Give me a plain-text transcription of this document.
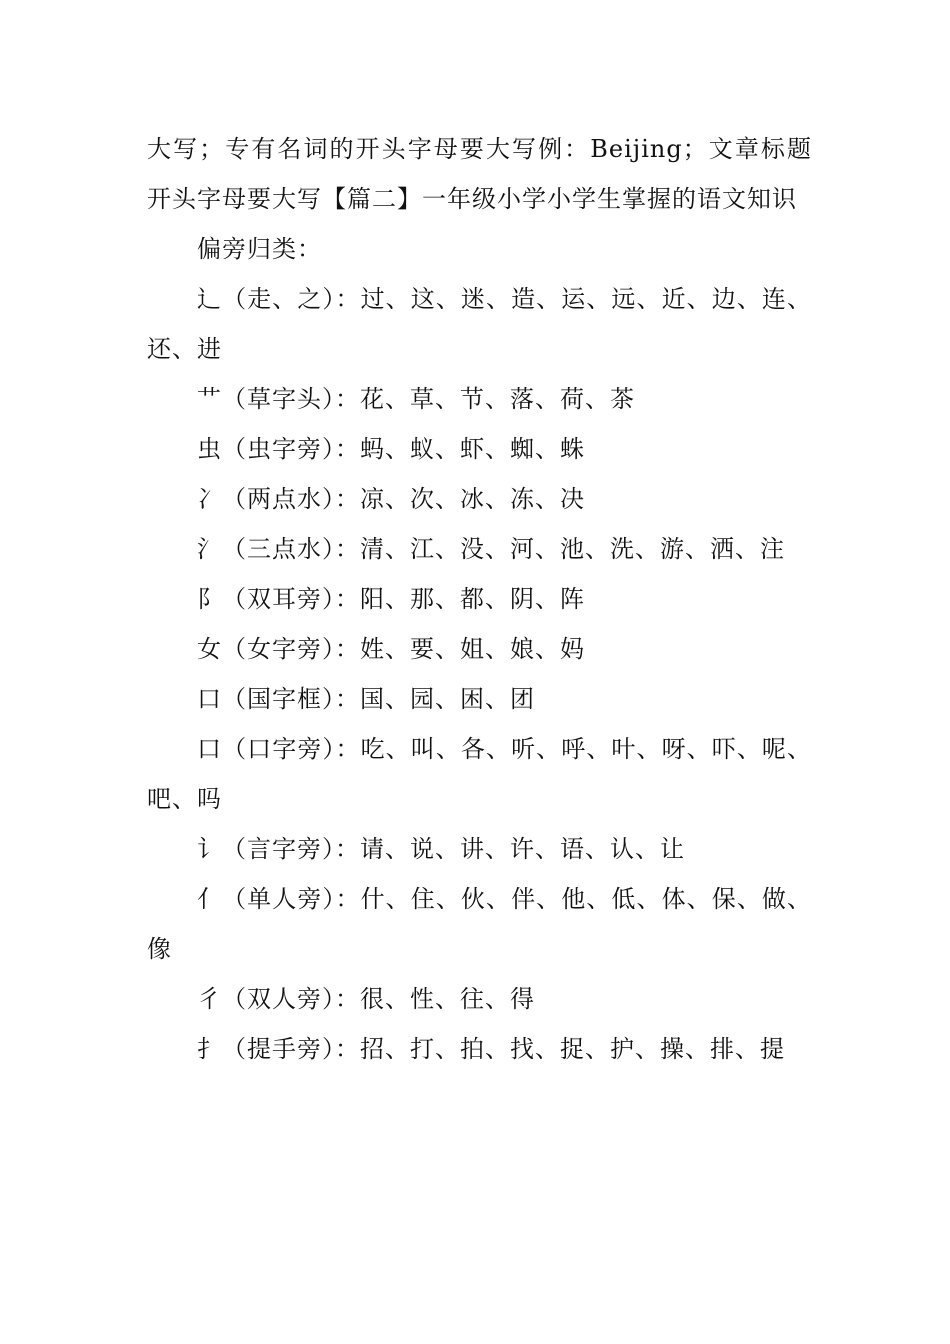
大写；专有名词的开头字母要大写例：Beijing；文章标题开头字母要大写【篇二】一年级小学小学生掌握的语文知识

偏旁归类：

辶（走、之）：过、这、迷、造、运、远、近、边、连、还、进

艹（草字头）：花、草、节、落、荷、茶

虫（虫字旁）：蚂、蚁、虾、蜘、蛛

冫（两点水）：凉、次、冰、冻、决

氵（三点水）：清、江、没、河、池、洗、游、洒、注

阝（双耳旁）：阳、那、都、阴、阵

女（女字旁）：姓、要、姐、娘、妈

口（国字框）：国、园、困、团

口（口字旁）：吃、叫、各、听、呼、叶、呀、吓、呢、吧、吗

讠（言字旁）：请、说、讲、许、语、认、让

亻（单人旁）：什、住、伙、伴、他、低、体、保、做、像

彳（双人旁）：很、性、往、得

扌（提手旁）：招、打、拍、找、捉、护、操、排、提
